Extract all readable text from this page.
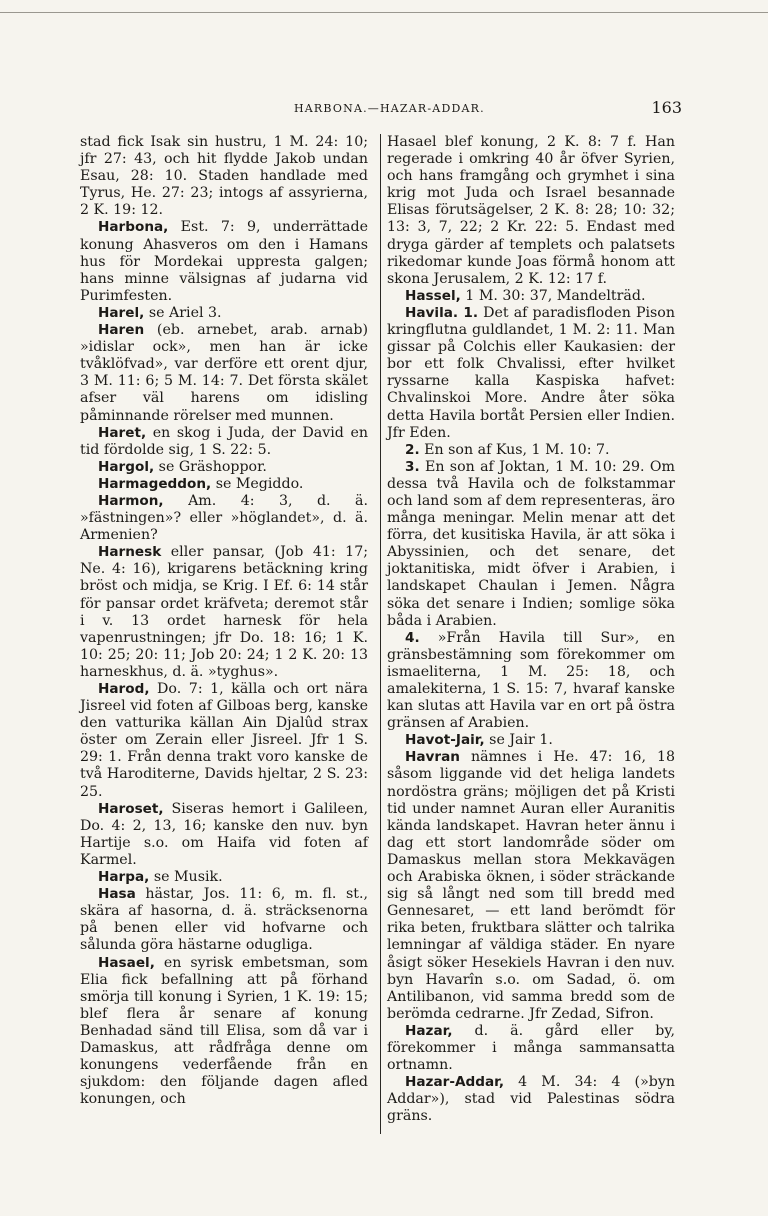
HARBONA.—HAZAR-ADDAR.	163

stad fick Isak sin hustru, 1 M. 24: 10; jfr 27: 43, och hit flydde Jakob undan Esau, 28: 10. Staden handlade med Tyrus, He. 27: 23; intogs af assyrierna, 2 K. 19: 12.

Harbona, Est. 7: 9, underrättade konung Ahasveros om den i Hamans hus för Mordekai uppresta galgen; hans minne välsignas af judarna vid Purimfesten.

Harel, se Ariel 3.

Haren (eb. arnebet, arab. arnab) »idislar ock», men han är icke tvåklöfvad», var derföre ett orent djur, 3 M. 11: 6; 5 M. 14: 7. Det första skälet afser väl harens om idisling påminnande rörelser med munnen.

Haret, en skog i Juda, der David en tid fördolde sig, 1 S. 22: 5.

Hargol, se Gräshoppor.

Harmageddon, se Megiddo.

Harmon, Am. 4: 3, d. ä. »fästningen»? eller »höglandet», d. ä. Armenien?

Harnesk eller pansar, (Job 41: 17; Ne. 4: 16), krigarens betäckning kring bröst och midja, se Krig. I Ef. 6: 14 står för pansar ordet kräfveta; deremot står i v. 13 ordet harnesk för hela vapenrustningen; jfr Do. 18: 16; 1 K. 10: 25; 20: 11; Job 20: 24; 1 2 K. 20: 13 harneskhus, d. ä. »tyghus».

Harod, Do. 7: 1, källa och ort nära Jisreel vid foten af Gilboas berg, kanske den vatturika källan Ain Djalûd strax öster om Zerain eller Jisreel. Jfr 1 S. 29: 1. Från denna trakt voro kanske de två Haroditerne, Davids hjeltar, 2 S. 23: 25.

Haroset, Siseras hemort i Galileen, Do. 4: 2, 13, 16; kanske den nuv. byn Hartije s.o. om Haifa vid foten af Karmel.

Harpa, se Musik.

Hasa hästar, Jos. 11: 6, m. fl. st., skära af hasorna, d. ä. sträcksenorna på benen eller vid hofvarne och sålunda göra hästarne odugliga.

Hasael, en syrisk embetsman, som Elia fick befallning att på förhand smörja till konung i Syrien, 1 K. 19: 15; blef flera år senare af konung Benhadad sänd till Elisa, som då var i Damaskus, att rådfråga denne om konungens vederfående från en sjukdom: den följande dagen afled konungen, och

Hasael blef konung, 2 K. 8: 7 f. Han regerade i omkring 40 år öfver Syrien, och hans framgång och grymhet i sina krig mot Juda och Israel besannade Elisas förutsägelser, 2 K. 8: 28; 10: 32; 13: 3, 7, 22; 2 Kr. 22: 5. Endast med dryga gärder af templets och palatsets rikedomar kunde Joas förmå honom att skona Jerusalem, 2 K. 12: 17 f.

Hassel, 1 M. 30: 37, Mandelträd.

Havila. 1. Det af paradisfloden Pison kringflutna guldlandet, 1 M. 2: 11. Man gissar på Colchis eller Kaukasien: der bor ett folk Chvalissi, efter hvilket ryssarne kalla Kaspiska hafvet: Chvalinskoi More. Andre åter söka detta Havila bortåt Persien eller Indien. Jfr Eden.

2. En son af Kus, 1 M. 10: 7.

3. En son af Joktan, 1 M. 10: 29. Om dessa två Havila och de folkstammar och land som af dem representeras, äro många meningar. Melin menar att det förra, det kusitiska Havila, är att söka i Abyssinien, och det senare, det joktanitiska, midt öfver i Arabien, i landskapet Chaulan i Jemen. Några söka det senare i Indien; somlige söka båda i Arabien.

4. »Från Havila till Sur», en gränsbestämning som förekommer om ismaeliterna, 1 M. 25: 18, och amalekiterna, 1 S. 15: 7, hvaraf kanske kan slutas att Havila var en ort på östra gränsen af Arabien.

Havot-Jair, se Jair 1.

Havran nämnes i He. 47: 16, 18 såsom liggande vid det heliga landets nordöstra gräns; möjligen det på Kristi tid under namnet Auran eller Auranitis kända landskapet. Havran heter ännu i dag ett stort landområde söder om Damaskus mellan stora Mekkavägen och Arabiska öknen, i söder sträckande sig så långt ned som till bredd med Gennesaret, — ett land berömdt för rika beten, fruktbara slätter och talrika lemningar af väldiga städer. En nyare åsigt söker Hesekiels Havran i den nuv. byn Havarîn s.o. om Sadad, ö. om Antilibanon, vid samma bredd som de berömda cedrarne. Jfr Zedad, Sifron.

Hazar, d. ä. gård eller by, förekommer i många sammansatta ortnamn.

Hazar-Addar, 4 M. 34: 4 (»byn Addar»), stad vid Palestinas södra gräns.
